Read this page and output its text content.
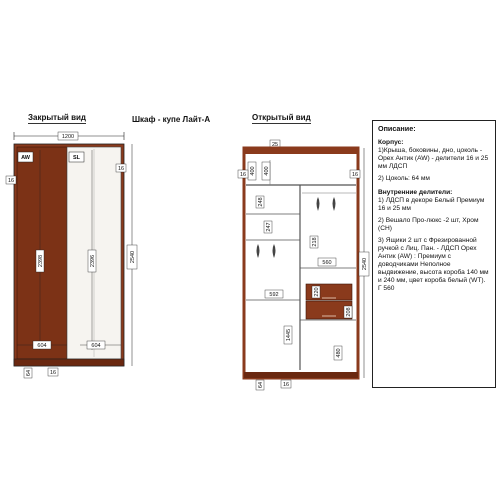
Закрытый вид	Шкаф - купе Лайт-А	Открытый вид
1200
AW	SL
16
16
2398	2396	2540
604	604
64	16
25
400 400
248
247
592
1445
218
560
220
208
480
16	16
2540
64	16
Описание:
Корпус:

1)Крыша, боковины, дно, цоколь - Орех Антик (AW) - делители 16 и 25 мм ЛДСП

2) Цоколь: 64 мм

Внутренние делители:

1) ЛДСП в декоре Белый Премиум 16 и 25 мм

2) Вешало Про-люкс -2 шт, Хром (CH)

3) Ящики 2 шт с Фрезированной ручкой с Лиц. Пан. - ЛДСП Орех Антик (AW) : Премиум с доводчиками Неполное выдвижение, высота короба 140 мм и 240 мм, цвет короба белый (WT). Г 560
